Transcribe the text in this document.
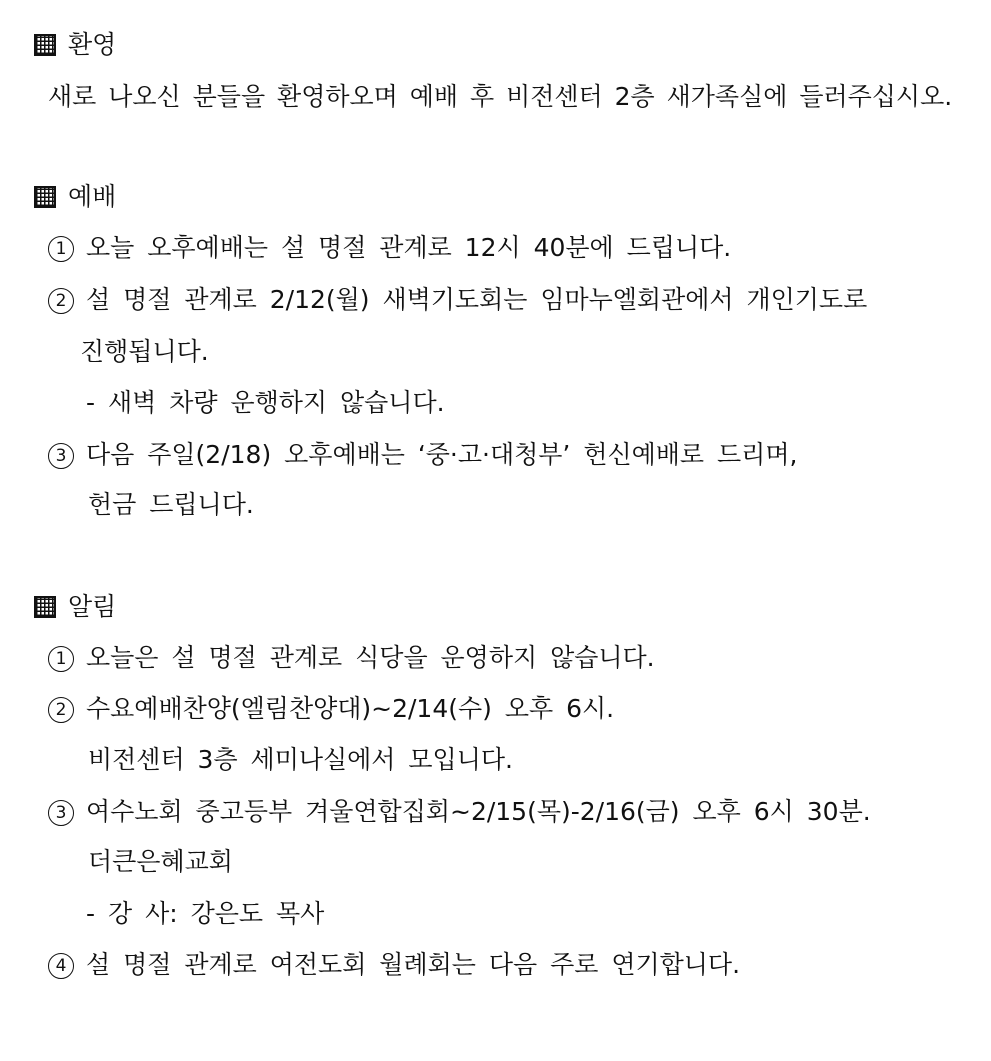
환영
새로 나오신 분들을 환영하오며 예배 후 비전센터 2층 새가족실에 들러주십시오.
예배
1 오늘 오후예배는 설 명절 관계로 12시 40분에 드립니다.
2 설 명절 관계로 2/12(월) 새벽기도회는 임마누엘회관에서 개인기도로
진행됩니다.
- 새벽 차량 운행하지 않습니다.
3 다음 주일(2/18) 오후예배는 ‘중·고·대청부’ 헌신예배로 드리며,
헌금 드립니다.
알림
1 오늘은 설 명절 관계로 식당을 운영하지 않습니다.
2 수요예배찬양(엘림찬양대)~2/14(수) 오후 6시.
비전센터 3층 세미나실에서 모입니다.
3 여수노회 중고등부 겨울연합집회~2/15(목)-2/16(금) 오후 6시 30분.
더큰은혜교회
- 강 사: 강은도 목사
4 설 명절 관계로 여전도회 월례회는 다음 주로 연기합니다.
